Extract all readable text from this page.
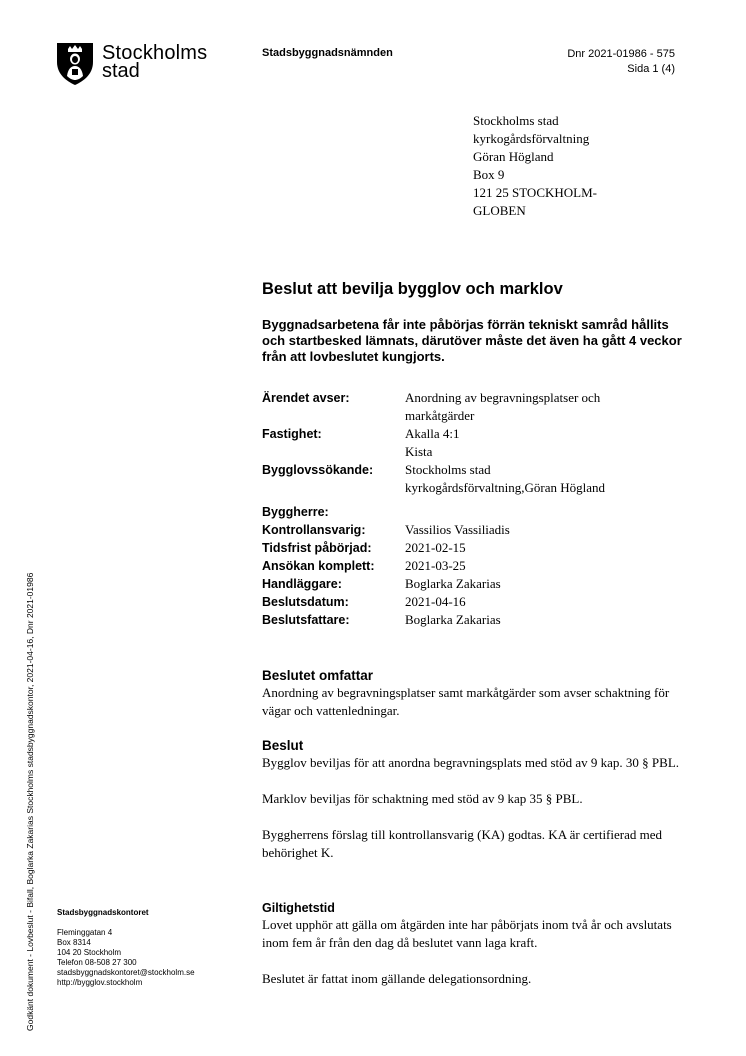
Stockholms
stad
Stadsbyggnadsnämnden	Dnr 2021-01986 - 575
Sida 1 (4)
Stockholms stad
kyrkogårdsförvaltning
Göran Högland
Box 9
121 25 STOCKHOLM-
GLOBEN
Beslut att bevilja bygglov och marklov
Byggnadsarbetena får inte påbörjas förrän tekniskt samråd hållits och startbesked lämnats, därutöver måste det även ha gått 4 veckor från att lovbeslutet kungjorts.
Ärendet avser:	Anordning av begravningsplatser och markåtgärder
Fastighet:	Akalla 4:1
Kista
Bygglovssökande:	Stockholms stad
kyrkogårdsförvaltning,Göran Högland
Byggherre:	
Kontrollansvarig:	Vassilios Vassiliadis
Tidsfrist påbörjad:	2021-02-15
Ansökan komplett:	2021-03-25
Handläggare:	Boglarka Zakarias
Beslutsdatum:	2021-04-16
Beslutsfattare:	Boglarka Zakarias
Beslutet omfattar

Anordning av begravningsplatser samt markåtgärder som avser schaktning för vägar och vattenledningar.

Beslut

Bygglov beviljas för att anordna begravningsplats med stöd av 9 kap. 30 § PBL.

Marklov beviljas för schaktning med stöd av 9 kap 35 § PBL.

Byggherrens förslag till kontrollansvarig (KA) godtas. KA är certifierad med behörighet K.

Giltighetstid

Lovet upphör att gälla om åtgärden inte har påbörjats inom två år och avslutats inom fem år från den dag då beslutet vann laga kraft.

Beslutet är fattat inom gällande delegationsordning.

Stadsbyggnadskontoret
Fleminggatan 4
Box 8314
104 20 Stockholm
Telefon 08-508 27 300
stadsbyggnadskontoret@stockholm.se
http://bygglov.stockholm
Godkänt dokument - Lovbeslut - Bifall, Boglarka Zakarias Stockholms stadsbyggnadskontor, 2021-04-16, Dnr 2021-01986
